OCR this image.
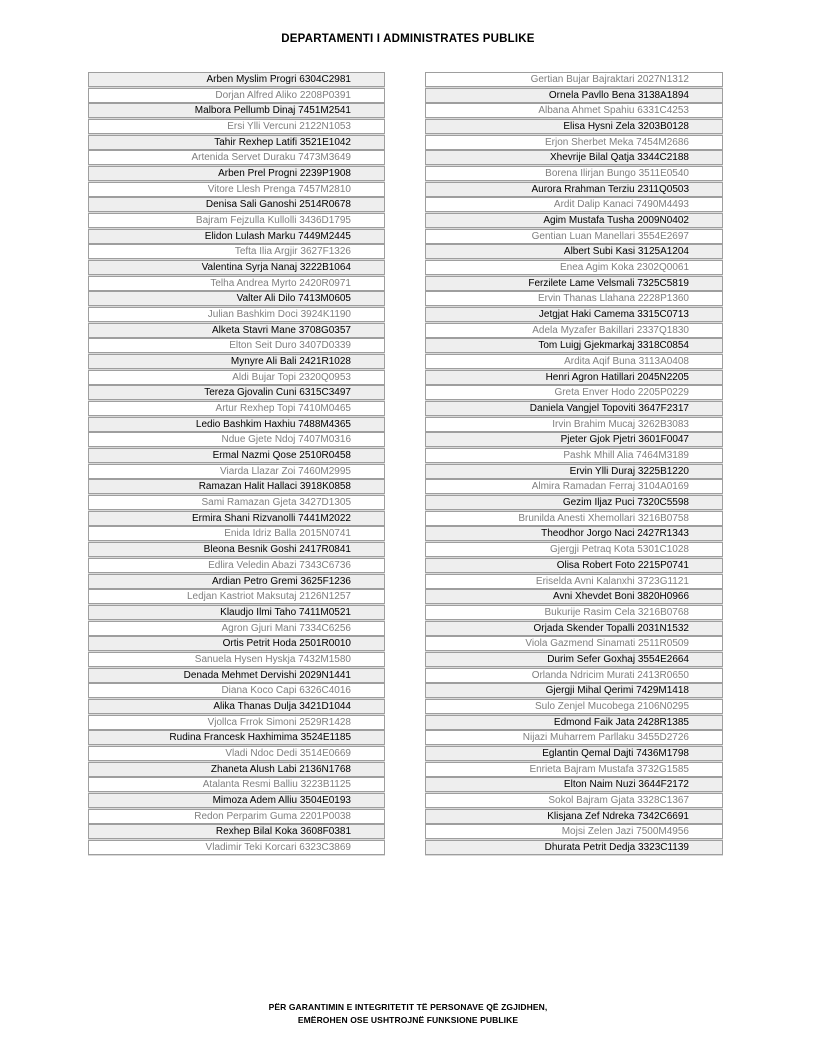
DEPARTAMENTI I ADMINISTRATES PUBLIKE
Arben Myslim Progri 6304C2981
Dorjan Alfred Aliko 2208P0391
Malbora Pellumb Dinaj 7451M2541
Ersi Ylli Vercuni 2122N1053
Tahir Rexhep Latifi 3521E1042
Artenida Servet Duraku 7473M3649
Arben Prel Progni 2239P1908
Vitore Llesh Prenga 7457M2810
Denisa Sali Ganoshi 2514R0678
Bajram Fejzulla Kullolli 3436D1795
Elidon Lulash Marku 7449M2445
Tefta Ilia Argjir 3627F1326
Valentina Syrja Nanaj 3222B1064
Telha Andrea Myrto 2420R0971
Valter Ali Dilo 7413M0605
Julian Bashkim Doci 3924K1190
Alketa Stavri Mane 3708G0357
Elton Seit Duro 3407D0339
Mynyre Ali Bali 2421R1028
Aldi Bujar Topi 2320Q0953
Tereza Gjovalin Cuni 6315C3497
Artur Rexhep Topi 7410M0465
Ledio Bashkim Haxhiu 7488M4365
Ndue Gjete Ndoj 7407M0316
Ermal Nazmi Qose 2510R0458
Viarda Llazar Zoi 7460M2995
Ramazan Halit Hallaci 3918K0858
Sami Ramazan Gjeta 3427D1305
Ermira Shani Rizvanolli 7441M2022
Enida Idriz Balla 2015N0741
Bleona Besnik Goshi 2417R0841
Edlira Veledin Abazi 7343C6736
Ardian Petro Gremi 3625F1236
Ledjan Kastriot Maksutaj 2126N1257
Klaudjo Ilmi Taho 7411M0521
Agron Gjuri Mani 7334C6256
Ortis Petrit Hoda 2501R0010
Sanuela Hysen Hyskja 7432M1580
Denada Mehmet Dervishi 2029N1441
Diana Koco Capi 6326C4016
Alika Thanas Dulja 3421D1044
Vjollca Frrok Simoni 2529R1428
Rudina Francesk Haxhimima 3524E1185
Vladi Ndoc Dedi 3514E0669
Zhaneta Alush Labi 2136N1768
Atalanta Resmi Balliu 3223B1125
Mimoza Adem Alliu 3504E0193
Redon Perparim Guma 2201P0038
Rexhep Bilal Koka 3608F0381
Vladimir Teki Korcari 6323C3869
Gertian Bujar Bajraktari 2027N1312
Ornela Pavllo Bena 3138A1894
Albana Ahmet Spahiu 6331C4253
Elisa Hysni Zela 3203B0128
Erjon Sherbet Meka 7454M2686
Xhevrije Bilal Qatja 3344C2188
Borena Ilirjan Bungo 3511E0540
Aurora Rrahman Terziu 2311Q0503
Ardit Dalip Kanaci 7490M4493
Agim Mustafa Tusha 2009N0402
Gentian Luan Manellari 3554E2697
Albert Subi Kasi 3125A1204
Enea Agim Koka 2302Q0061
Ferzilete Lame Velsmali 7325C5819
Ervin Thanas Llahana 2228P1360
Jetgjat Haki Camema 3315C0713
Adela Myzafer Bakillari 2337Q1830
Tom Luigj Gjekmarkaj 3318C0854
Ardita Aqif Buna 3113A0408
Henri Agron Hatillari 2045N2205
Greta Enver Hodo 2205P0229
Daniela Vangjel Topoviti 3647F2317
Irvin Brahim Mucaj 3262B3083
Pjeter Gjok Pjetri 3601F0047
Pashk Mhill Alia 7464M3189
Ervin Ylli Duraj 3225B1220
Almira Ramadan Ferraj 3104A0169
Gezim Iljaz Puci 7320C5598
Brunilda Anesti Xhemollari 3216B0758
Theodhor Jorgo Naci 2427R1343
Gjergji Petraq Kota 5301C1028
Olisa Robert Foto 2215P0741
Eriselda Avni Kalanxhi 3723G1121
Avni Xhevdet Boni 3820H0966
Bukurije Rasim Cela 3216B0768
Orjada Skender Topalli 2031N1532
Viola Gazmend Sinamati 2511R0509
Durim Sefer Goxhaj 3554E2664
Orlanda Ndricim Murati 2413R0650
Gjergji Mihal Qerimi 7429M1418
Sulo Zenjel Mucobega 2106N0295
Edmond Faik Jata 2428R1385
Nijazi Muharrem Parllaku 3455D2726
Eglantin Qemal Dajti 7436M1798
Enrieta Bajram Mustafa 3732G1585
Elton Naim Nuzi 3644F2172
Sokol Bajram Gjata 3328C1367
Klisjana Zef Ndreka 7342C6691
Mojsi Zelen Jazi 7500M4956
Dhurata Petrit Dedja 3323C1139
PËR GARANTIMIN E INTEGRITETIT TË PERSONAVE QË ZGJIDHEN,
EMËROHEN OSE USHTROJNË FUNKSIONE PUBLIKE
